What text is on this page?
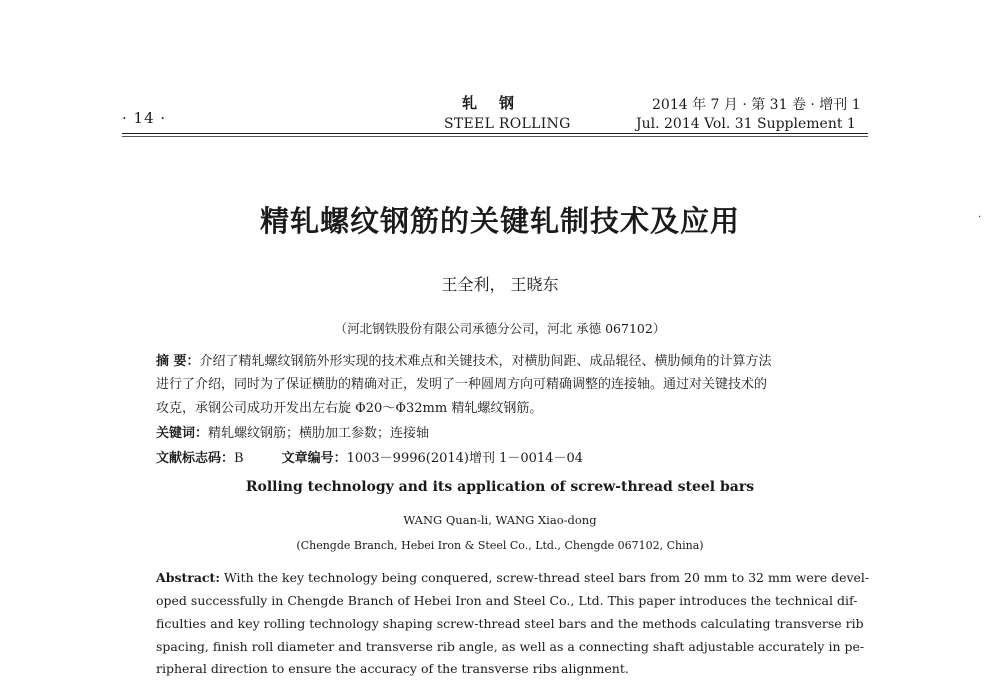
· 14 ·
轧钢
STEEL ROLLING
2014 年 7 月 · 第 31 卷 · 增刊 1
Jul. 2014 Vol. 31 Supplement 1
·
精轧螺纹钢筋的关键轧制技术及应用
王全利， 王晓东
（河北钢铁股份有限公司承德分公司，河北 承德 067102）
摘 要：介绍了精轧螺纹钢筋外形实现的技术难点和关键技术，对横肋间距、成品辊径、横肋倾角的计算方法
进行了介绍，同时为了保证横肋的精确对正，发明了一种圆周方向可精确调整的连接轴。通过对关键技术的
攻克，承钢公司成功开发出左右旋 Φ20～Φ32mm 精轧螺纹钢筋。
关键词：精轧螺纹钢筋；横肋加工参数；连接轴
文献标志码：B	文章编号：1003－9996(2014)增刊 1－0014－04
Rolling technology and its application of screw-thread steel bars
WANG Quan-li, WANG Xiao-dong
(Chengde Branch, Hebei Iron & Steel Co., Ltd., Chengde 067102, China)
Abstract: With the key technology being conquered, screw-thread steel bars from 20 mm to 32 mm were devel-
oped successfully in Chengde Branch of Hebei Iron and Steel Co., Ltd. This paper introduces the technical dif-
ficulties and key rolling technology shaping screw-thread steel bars and the methods calculating transverse rib
spacing, finish roll diameter and transverse rib angle, as well as a connecting shaft adjustable accurately in pe-
ripheral direction to ensure the accuracy of the transverse ribs alignment.
